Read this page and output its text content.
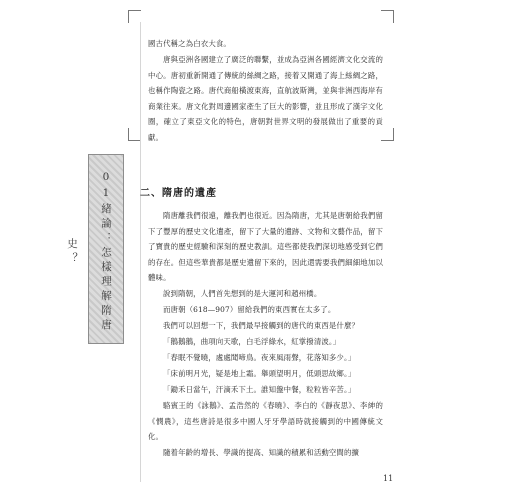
01緒論：怎樣理解隋唐史？

國古代稱之為白衣大食。

唐與亞洲各國建立了廣泛的聯繫，並成為亞洲各國經濟文化交流的中心。唐初重新開通了傳統的絲綢之路，接着又開通了海上絲綢之路，也稱作陶瓷之路。唐代商船橫渡東海，直航波斯灣，並與非洲西海岸有商業往來。唐文化對周邊國家產生了巨大的影響，並且形成了漢字文化圈，確立了東亞文化的特色，唐朝對世界文明的發展做出了重要的貢獻。

二、隋唐的遺產

隋唐離我們很遠，離我們也很近。因為隋唐，尤其是唐朝給我們留下了豐厚的歷史文化遺產，留下了大量的遺跡、文物和文藝作品，留下了寶貴的歷史經驗和深刻的歷史教訓。這些都使我們深切地感受到它們的存在。但這些華貴都是歷史遺留下來的，因此還需要我們細細地加以體味。

說到隋朝，人們首先想到的是大運河和趙州橋。

而唐朝（618—907）留給我們的東西實在太多了。

我們可以回想一下，我們最早接觸到的唐代的東西是什麼？

「鵝鵝鵝，曲項向天歌，白毛浮綠水，紅掌撥清波。」

「春眠不覺曉，處處聞啼鳥。夜來風雨聲，花落知多少。」

「床前明月光，疑是地上霜。舉頭望明月，低頭思故鄉。」

「鋤禾日當午，汗滴禾下土。誰知盤中餐，粒粒皆辛苦。」

駱賓王的《詠鵝》、孟浩然的《春曉》、李白的《靜夜思》、李紳的《憫農》，這些唐詩是很多中國人牙牙學語時就接觸到的中國傳統文化。

隨着年齡的增長、學識的提高、知識的積累和活動空間的擴

11
